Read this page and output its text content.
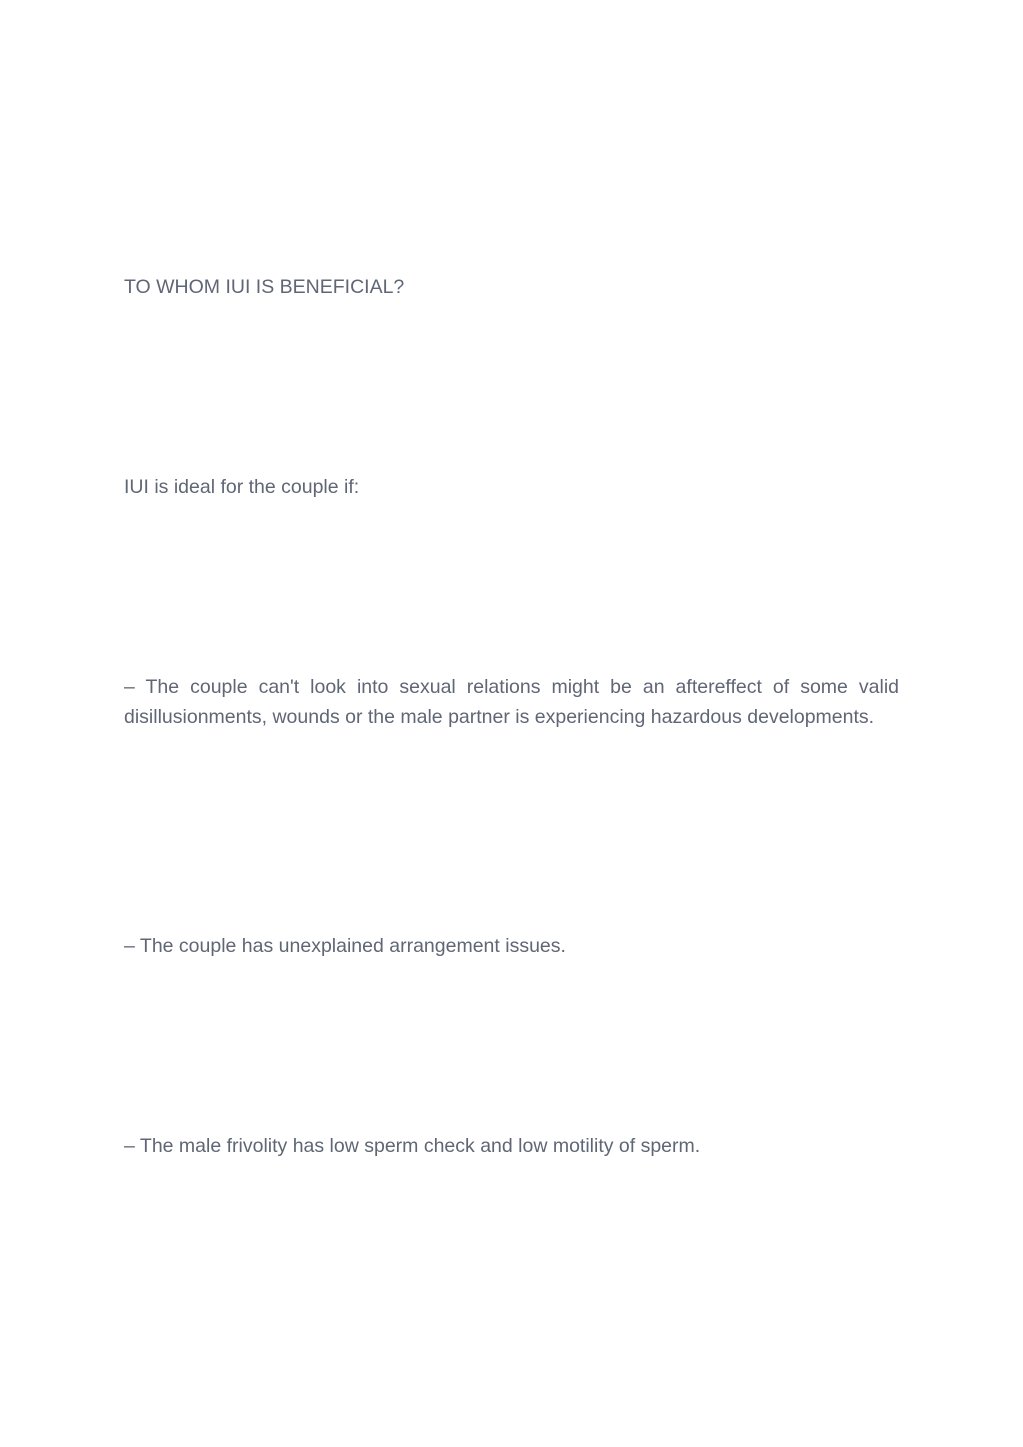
TO WHOM IUI IS BENEFICIAL?

IUI is ideal for the couple if:

– The couple can't look into sexual relations might be an aftereffect of some valid disillusionments, wounds or the male partner is experiencing hazardous developments.

– The couple has unexplained arrangement issues.

– The male frivolity has low sperm check and low motility of sperm.
